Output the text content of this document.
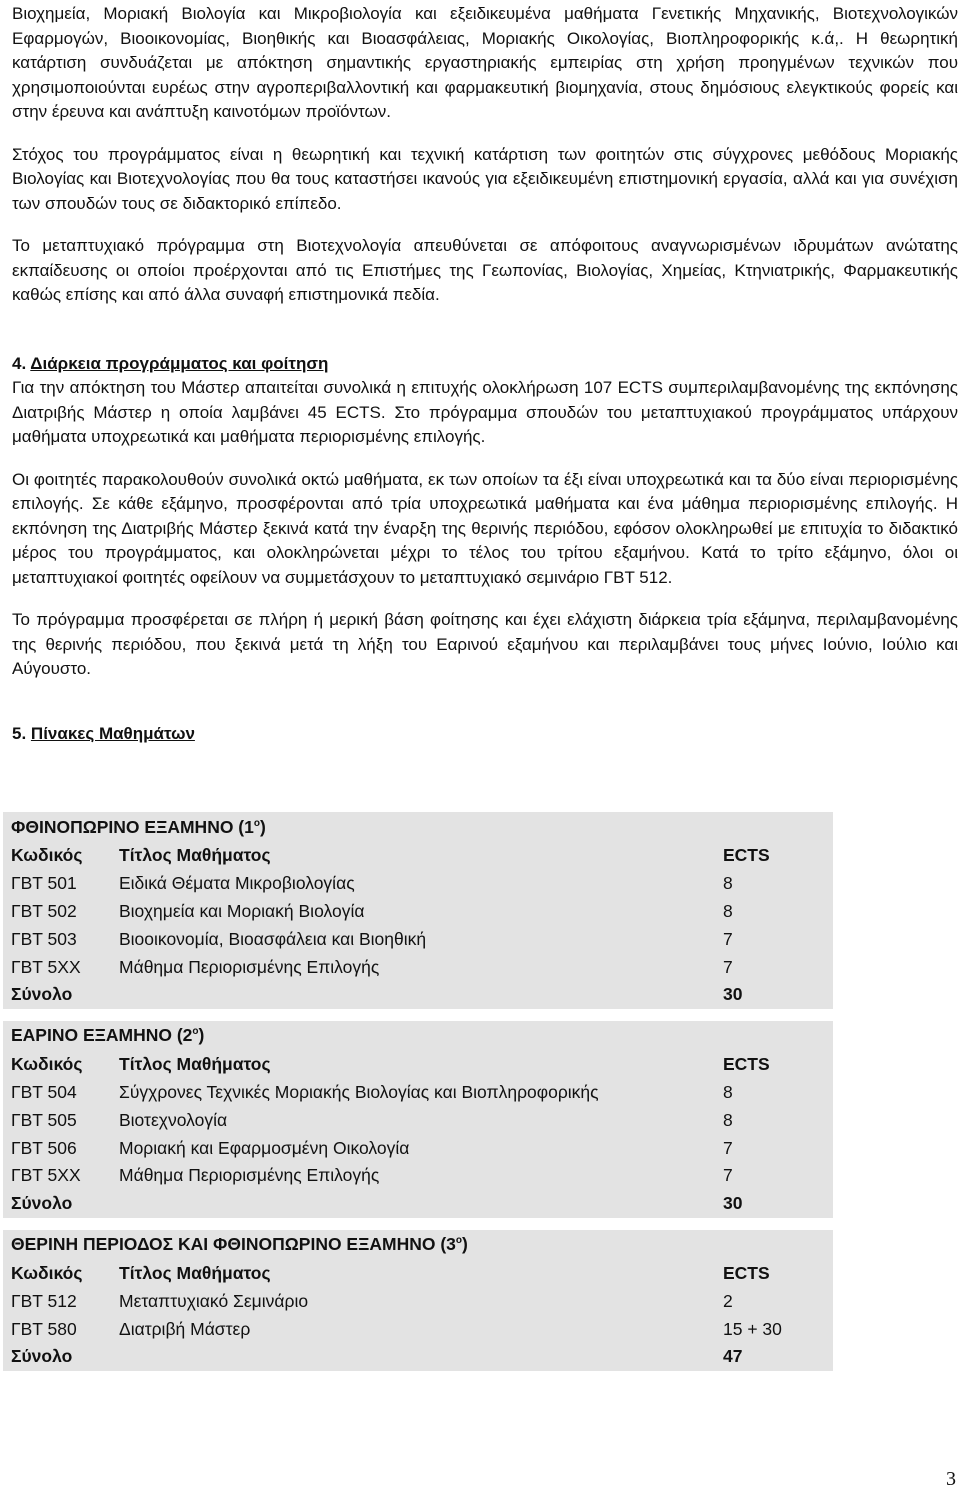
Βιοχημεία, Μοριακή Βιολογία και Μικροβιολογία και εξειδικευμένα μαθήματα Γενετικής Μηχανικής, Βιοτεχνολογικών Εφαρμογών, Βιοοικονομίας, Βιοηθικής και Βιοασφάλειας, Μοριακής Οικολογίας, Βιοπληροφορικής κ.ά,. Η θεωρητική κατάρτιση συνδυάζεται με απόκτηση σημαντικής εργαστηριακής εμπειρίας στη χρήση προηγμένων τεχνικών που χρησιμοποιούνται ευρέως στην αγροπεριβαλλοντική και φαρμακευτική βιομηχανία, στους δημόσιους ελεγκτικούς φορείς και στην έρευνα και ανάπτυξη καινοτόμων προϊόντων.

Στόχος του προγράμματος είναι η θεωρητική και τεχνική κατάρτιση των φοιτητών στις σύγχρονες μεθόδους Μοριακής Βιολογίας και Βιοτεχνολογίας που θα τους καταστήσει ικανούς για εξειδικευμένη επιστημονική εργασία, αλλά και για συνέχιση των σπουδών τους σε διδακτορικό επίπεδο.

Το μεταπτυχιακό πρόγραμμα στη Βιοτεχνολογία απευθύνεται σε απόφοιτους αναγνωρισμένων ιδρυμάτων ανώτατης εκπαίδευσης οι οποίοι προέρχονται από τις Επιστήμες της Γεωπονίας, Βιολογίας, Χημείας, Κτηνιατρικής, Φαρμακευτικής καθώς επίσης και από άλλα συναφή επιστημονικά πεδία.

4. Διάρκεια προγράμματος και φοίτηση

Για την απόκτηση του Μάστερ απαιτείται συνολικά η επιτυχής ολοκλήρωση 107 ECTS συμπεριλαμβανομένης της εκπόνησης Διατριβής Μάστερ η οποία λαμβάνει 45 ECTS. Στο πρόγραμμα σπουδών του μεταπτυχιακού προγράμματος υπάρχουν μαθήματα υποχρεωτικά και μαθήματα περιορισμένης επιλογής.

Οι φοιτητές παρακολουθούν συνολικά οκτώ μαθήματα, εκ των οποίων τα έξι είναι υποχρεωτικά και τα δύο είναι περιορισμένης επιλογής. Σε κάθε εξάμηνο, προσφέρονται από τρία υποχρεωτικά μαθήματα και ένα μάθημα περιορισμένης επιλογής. Η εκπόνηση της Διατριβής Μάστερ ξεκινά κατά την έναρξη της θερινής περιόδου, εφόσον ολοκληρωθεί με επιτυχία το διδακτικό μέρος του προγράμματος, και ολοκληρώνεται μέχρι το τέλος του τρίτου εξαμήνου. Κατά το τρίτο εξάμηνο, όλοι οι μεταπτυχιακοί φοιτητές οφείλουν να συμμετάσχουν το μεταπτυχιακό σεμινάριο ΓΒΤ 512.

Το πρόγραμμα προσφέρεται σε πλήρη ή μερική βάση φοίτησης και έχει ελάχιστη διάρκεια τρία εξάμηνα, περιλαμβανομένης της θερινής περιόδου, που ξεκινά μετά τη λήξη του Εαρινού εξαμήνου και περιλαμβάνει τους μήνες Ιούνιο, Ιούλιο και Αύγουστο.

5. Πίνακες Μαθημάτων

ΦΘΙΝΟΠΩΡΙΝΟ ΕΞΑΜΗΝΟ $(1^o)$		
Κωδικός	Τίτλος Μαθήματος	ECTS
ΓΒΤ 501	Ειδικά Θέματα Μικροβιολογίας	8
ΓΒΤ 502	Βιοχημεία και Μοριακή Βιολογία	8
ΓΒΤ 503	Βιοοικονομία, Βιοασφάλεια και Βιοηθική	7
ΓΒΤ 5ΧΧ	Μάθημα Περιορισμένης Επιλογής	7
Σύνολο		30
ΕΑΡΙΝΟ ΕΞΑΜΗΝΟ $(2^o)$		
Κωδικός	Τίτλος Μαθήματος	ECTS
ΓΒΤ 504	Σύγχρονες Τεχνικές Μοριακής Βιολογίας και Βιοπληροφορικής	8
ΓΒΤ 505	Βιοτεχνολογία	8
ΓΒΤ 506	Μοριακή και Εφαρμοσμένη Οικολογία	7
ΓΒΤ 5ΧΧ	Μάθημα Περιορισμένης Επιλογής	7
Σύνολο		30
ΘΕΡΙΝΗ ΠΕΡΙΟΔΟΣ ΚΑΙ ΦΘΙΝΟΠΩΡΙΝΟ ΕΞΑΜΗΝΟ $(3^o)$		
Κωδικός	Τίτλος Μαθήματος	ECTS
ΓΒΤ 512	Μεταπτυχιακό Σεμινάριο	2
ΓΒΤ 580	Διατριβή Μάστερ	15 + 30
Σύνολο		47
3
